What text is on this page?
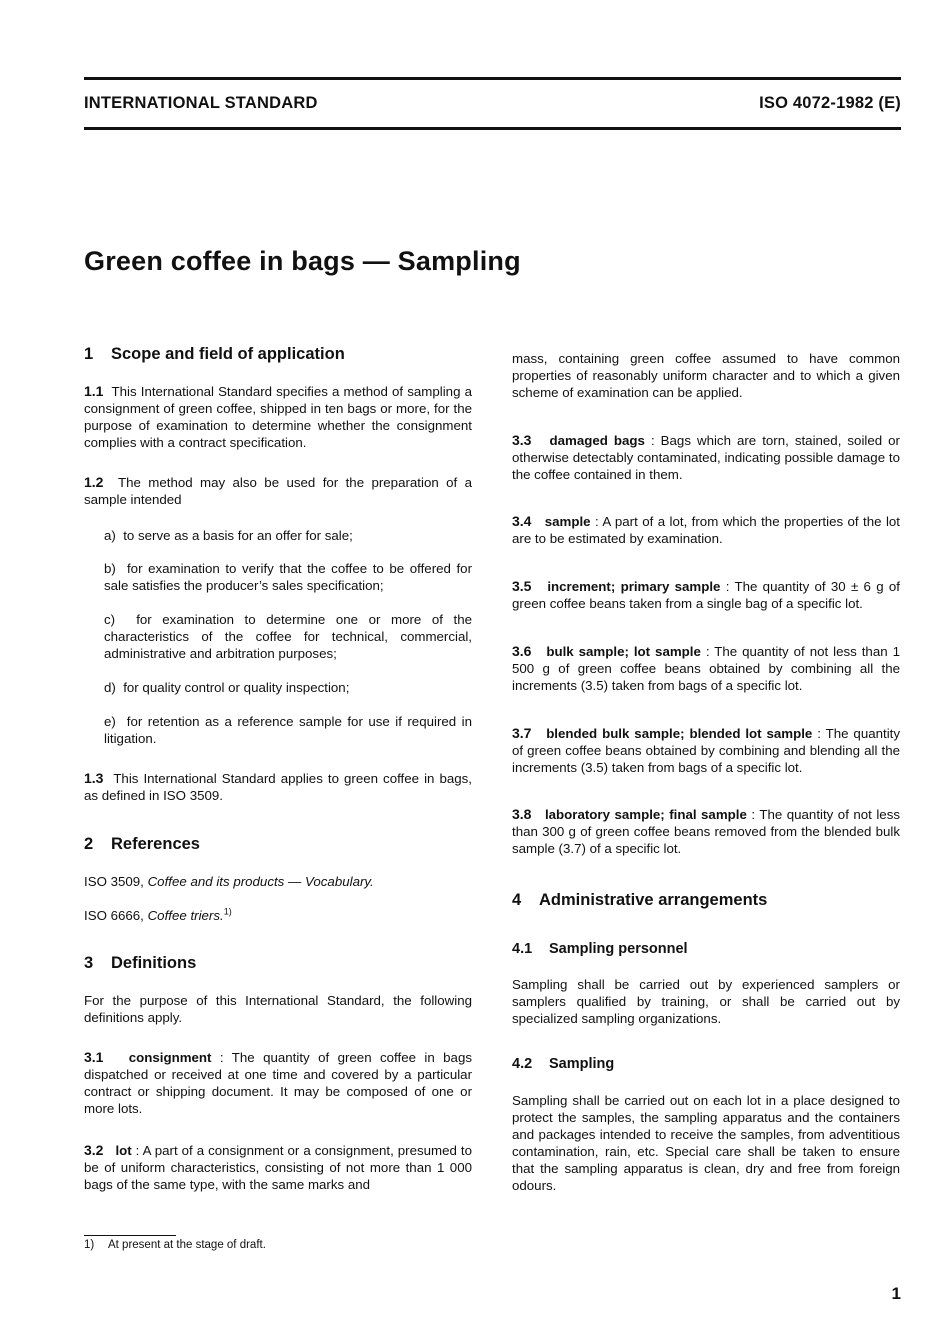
INTERNATIONAL STANDARD	ISO 4072-1982 (E)
Green coffee in bags — Sampling
1 Scope and field of application

1.1 This International Standard specifies a method of sampling a consignment of green coffee, shipped in ten bags or more, for the purpose of examination to determine whether the consignment complies with a contract specification.

1.2 The method may also be used for the preparation of a sample intended

a) to serve as a basis for an offer for sale;

b) for examination to verify that the coffee to be offered for sale satisfies the producer’s sales specification;

c) for examination to determine one or more of the characteristics of the coffee for technical, commercial, administrative and arbitration purposes;

d) for quality control or quality inspection;

e) for retention as a reference sample for use if required in litigation.

1.3 This International Standard applies to green coffee in bags, as defined in ISO 3509.

2 References

ISO 3509, Coffee and its products — Vocabulary.

ISO 6666, Coffee triers.$^{1)}$

3 Definitions

For the purpose of this International Standard, the following definitions apply.

3.1 consignment : The quantity of green coffee in bags dispatched or received at one time and covered by a particular contract or shipping document. It may be composed of one or more lots.

3.2 lot : A part of a consignment or a consignment, presumed to be of uniform characteristics, consisting of not more than 1 000 bags of the same type, with the same marks and

mass, containing green coffee assumed to have common properties of reasonably uniform character and to which a given scheme of examination can be applied.

3.3 damaged bags : Bags which are torn, stained, soiled or otherwise detectably contaminated, indicating possible damage to the coffee contained in them.

3.4 sample : A part of a lot, from which the properties of the lot are to be estimated by examination.

3.5 increment; primary sample : The quantity of 30 ± 6 g of green coffee beans taken from a single bag of a specific lot.

3.6 bulk sample; lot sample : The quantity of not less than 1 500 g of green coffee beans obtained by combining all the increments (3.5) taken from bags of a specific lot.

3.7 blended bulk sample; blended lot sample : The quantity of green coffee beans obtained by combining and blending all the increments (3.5) taken from bags of a specific lot.

3.8 laboratory sample; final sample : The quantity of not less than 300 g of green coffee beans removed from the blended bulk sample (3.7) of a specific lot.

4 Administrative arrangements
4.1 Sampling personnel

Sampling shall be carried out by experienced samplers or samplers qualified by training, or shall be carried out by specialized sampling organizations.

4.2 Sampling

Sampling shall be carried out on each lot in a place designed to protect the samples, the sampling apparatus and the containers and packages intended to receive the samples, from adventitious contamination, rain, etc. Special care shall be taken to ensure that the sampling apparatus is clean, dry and free from foreign odours.

1) At present at the stage of draft.
1
